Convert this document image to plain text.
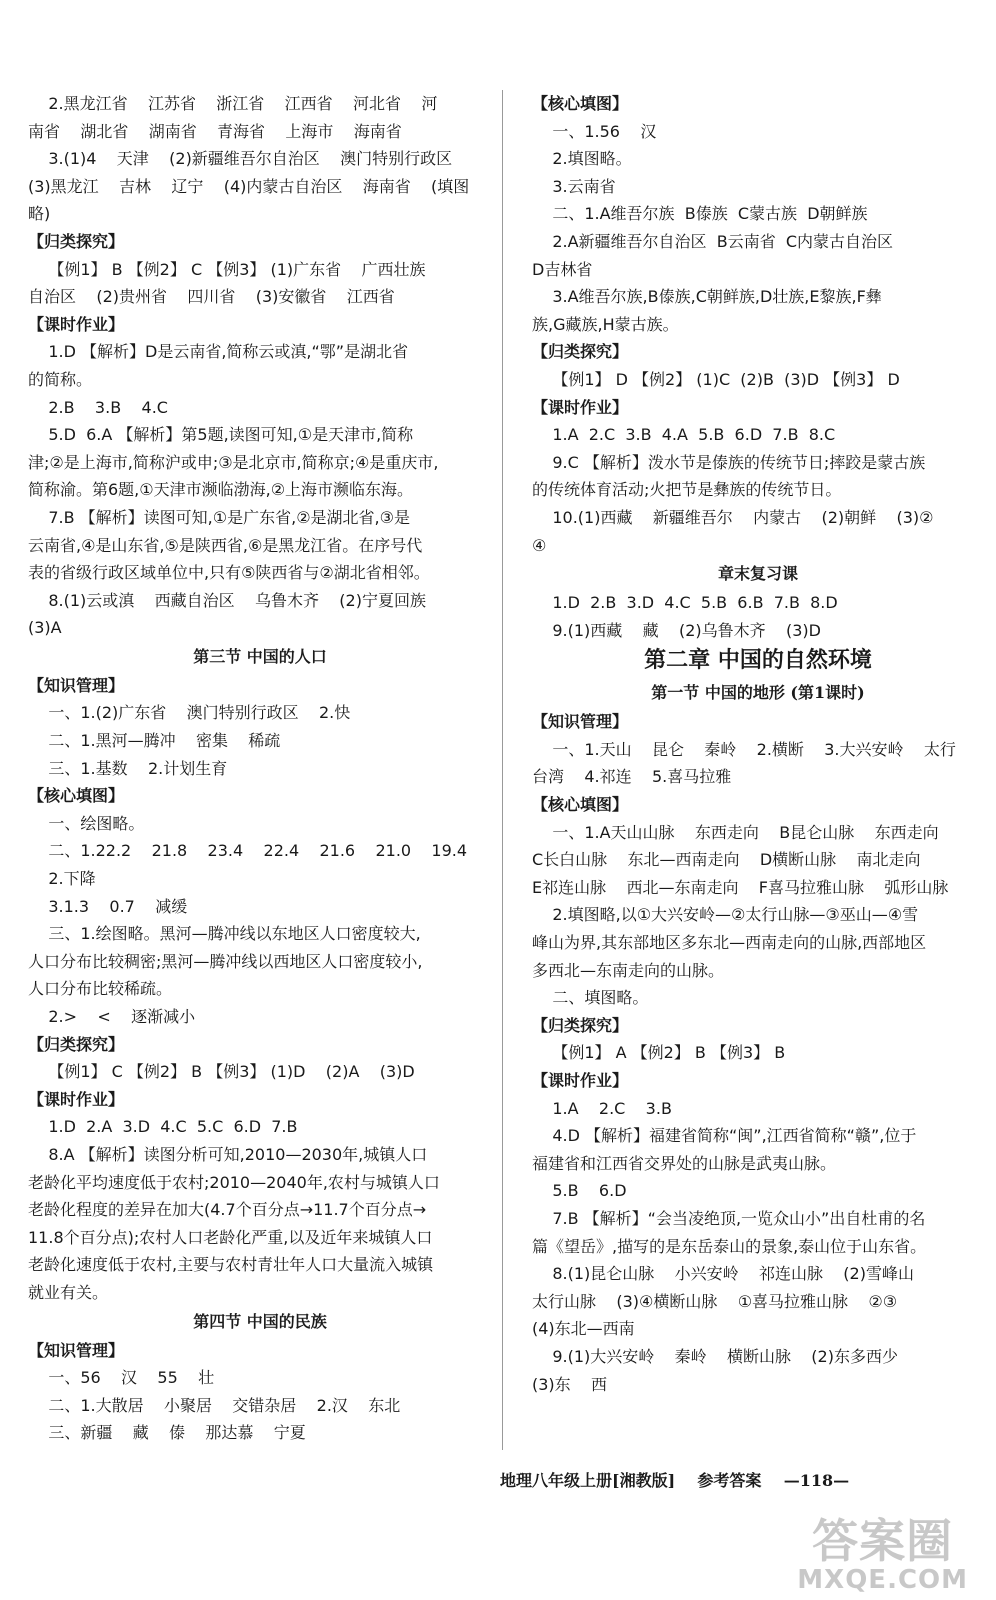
2.黑龙江省    江苏省    浙江省    江西省    河北省    河
南省    湖北省    湖南省    青海省    上海市    海南省
3.(1)4    天津    (2)新疆维吾尔自治区    澳门特别行政区
(3)黑龙江    吉林    辽宁    (4)内蒙古自治区    海南省    (填图
略)
【归类探究】
【例1】 B 【例2】 C 【例3】 (1)广东省    广西壮族
自治区    (2)贵州省    四川省    (3)安徽省    江西省
【课时作业】
1.D 【解析】D是云南省,简称云或滇,“鄂”是湖北省
的简称。
2.B    3.B    4.C
5.D  6.A 【解析】第5题,读图可知,①是天津市,简称
津;②是上海市,简称沪或申;③是北京市,简称京;④是重庆市,
简称渝。第6题,①天津市濒临渤海,②上海市濒临东海。
7.B 【解析】读图可知,①是广东省,②是湖北省,③是
云南省,④是山东省,⑤是陕西省,⑥是黑龙江省。在序号代
表的省级行政区域单位中,只有⑤陕西省与②湖北省相邻。
8.(1)云或滇    西藏自治区    乌鲁木齐    (2)宁夏回族
(3)A
第三节 中国的人口
【知识管理】
一、1.(2)广东省    澳门特别行政区    2.快
二、1.黑河—腾冲    密集    稀疏
三、1.基数    2.计划生育
【核心填图】
一、绘图略。
二、1.22.2    21.8    23.4    22.4    21.6    21.0    19.4
2.下降
3.1.3    0.7    减缓
三、1.绘图略。黑河—腾冲线以东地区人口密度较大,
人口分布比较稠密;黑河—腾冲线以西地区人口密度较小,
人口分布比较稀疏。
2.>    <    逐渐减小
【归类探究】
【例1】 C 【例2】 B 【例3】 (1)D    (2)A    (3)D
【课时作业】
1.D  2.A  3.D  4.C  5.C  6.D  7.B
8.A 【解析】读图分析可知,2010—2030年,城镇人口
老龄化平均速度低于农村;2010—2040年,农村与城镇人口
老龄化程度的差异在加大(4.7个百分点→11.7个百分点→
11.8个百分点);农村人口老龄化严重,以及近年来城镇人口
老龄化速度低于农村,主要与农村青壮年人口大量流入城镇
就业有关。
第四节 中国的民族
【知识管理】
一、56    汉    55    壮
二、1.大散居    小聚居    交错杂居    2.汉    东北
三、新疆    藏    傣    那达慕    宁夏
【核心填图】
一、1.56    汉
2.填图略。
3.云南省
二、1.A维吾尔族  B傣族  C蒙古族  D朝鲜族
2.A新疆维吾尔自治区  B云南省  C内蒙古自治区
D吉林省
3.A维吾尔族,B傣族,C朝鲜族,D壮族,E黎族,F彝
族,G藏族,H蒙古族。
【归类探究】
【例1】 D 【例2】 (1)C  (2)B  (3)D 【例3】 D
【课时作业】
1.A  2.C  3.B  4.A  5.B  6.D  7.B  8.C
9.C 【解析】泼水节是傣族的传统节日;摔跤是蒙古族
的传统体育活动;火把节是彝族的传统节日。
10.(1)西藏    新疆维吾尔    内蒙古    (2)朝鲜    (3)②
④
章末复习课
1.D  2.B  3.D  4.C  5.B  6.B  7.B  8.D
9.(1)西藏    藏    (2)乌鲁木齐    (3)D
第二章 中国的自然环境
第一节 中国的地形 (第1课时)
【知识管理】
一、1.天山    昆仑    秦岭    2.横断    3.大兴安岭    太行
台湾    4.祁连    5.喜马拉雅
【核心填图】
一、1.A天山山脉    东西走向    B昆仑山脉    东西走向
C长白山脉    东北—西南走向    D横断山脉    南北走向
E祁连山脉    西北—东南走向    F喜马拉雅山脉    弧形山脉
2.填图略,以①大兴安岭—②太行山脉—③巫山—④雪
峰山为界,其东部地区多东北—西南走向的山脉,西部地区
多西北—东南走向的山脉。
二、填图略。
【归类探究】
【例1】 A 【例2】 B 【例3】 B
【课时作业】
1.A    2.C    3.B
4.D 【解析】福建省简称“闽”,江西省简称“赣”,位于
福建省和江西省交界处的山脉是武夷山脉。
5.B    6.D
7.B 【解析】“会当凌绝顶,一览众山小”出自杜甫的名
篇《望岳》,描写的是东岳泰山的景象,泰山位于山东省。
8.(1)昆仑山脉    小兴安岭    祁连山脉    (2)雪峰山
太行山脉    (3)④横断山脉    ①喜马拉雅山脉    ②③
(4)东北—西南
9.(1)大兴安岭    秦岭    横断山脉    (2)东多西少
(3)东    西
地理八年级上册[湘教版]    参考答案    —118—
答案圈
MXQE.COM
